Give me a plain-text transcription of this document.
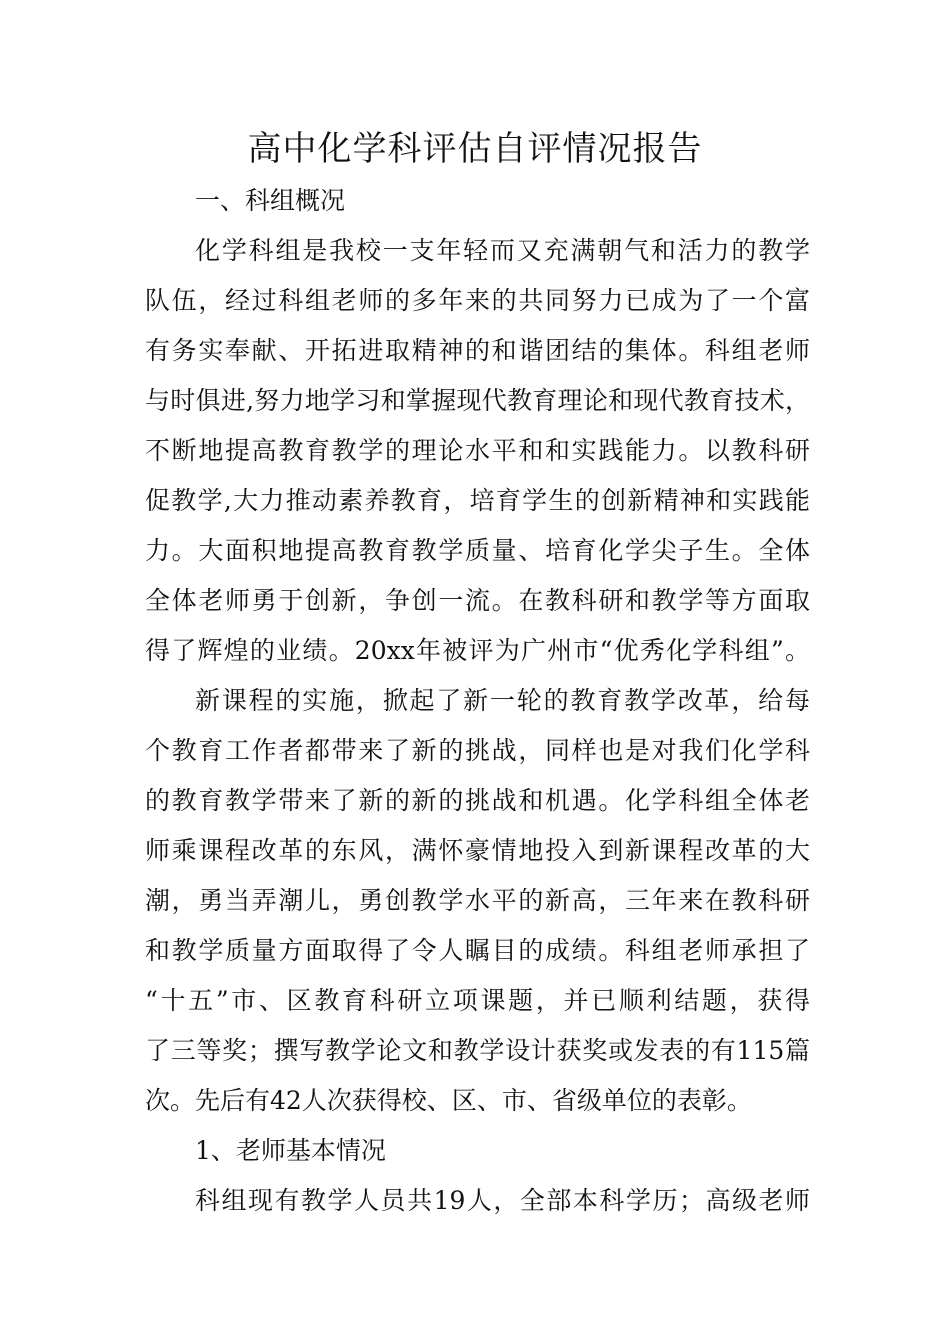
高中化学科评估自评情况报告
一、科组概况
化学科组是我校一支年轻而又充满朝气和活力的教学
队伍，经过科组老师的多年来的共同努力已成为了一个富
有务实奉献、开拓进取精神的和谐团结的集体。科组老师
与时俱进,努力地学习和掌握现代教育理论和现代教育技术，
不断地提高教育教学的理论水平和和实践能力。以教科研
促教学,大力推动素养教育，培育学生的创新精神和实践能
力。大面积地提高教育教学质量、培育化学尖子生。全体
全体老师勇于创新，争创一流。在教科研和教学等方面取
得了辉煌的业绩。20xx年被评为广州市“优秀化学科组”。
新课程的实施，掀起了新一轮的教育教学改革，给每
个教育工作者都带来了新的挑战，同样也是对我们化学科
的教育教学带来了新的新的挑战和机遇。化学科组全体老
师乘课程改革的东风，满怀豪情地投入到新课程改革的大
潮，勇当弄潮儿，勇创教学水平的新高，三年来在教科研
和教学质量方面取得了令人瞩目的成绩。科组老师承担了
“十五”市、区教育科研立项课题，并已顺利结题，获得
了三等奖；撰写教学论文和教学设计获奖或发表的有115篇
次。先后有42人次获得校、区、市、省级单位的表彰。
1、老师基本情况
科组现有教学人员共19人，全部本科学历；高级老师
